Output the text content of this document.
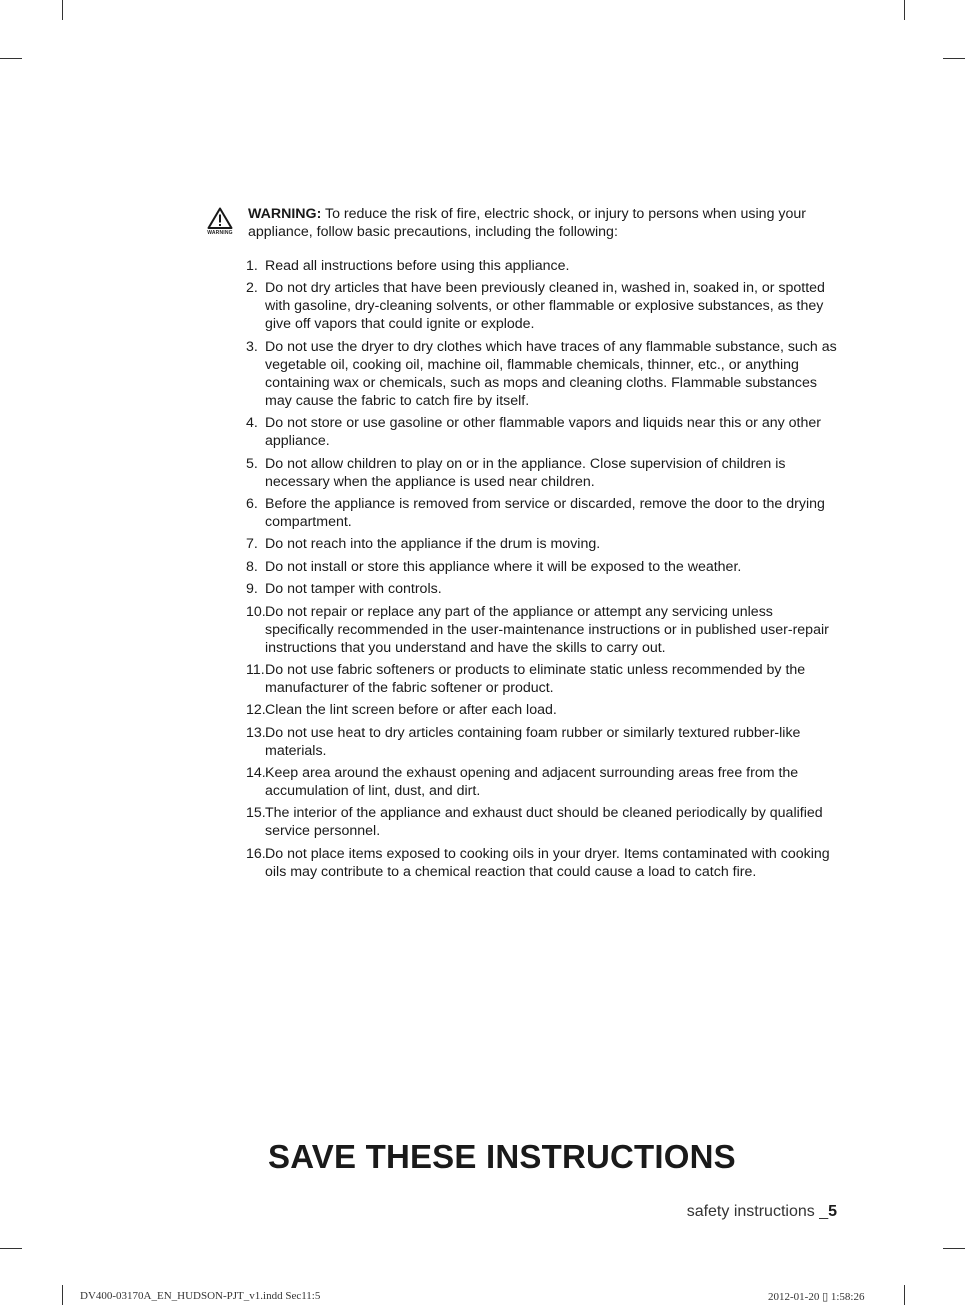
WARNING
WARNING: To reduce the risk of fire, electric shock, or injury to persons when using your appliance, follow basic precautions, including the following:
1. Read all instructions before using this appliance.
2. Do not dry articles that have been previously cleaned in, washed in, soaked in, or spotted with gasoline, dry-cleaning solvents, or other flammable or explosive substances, as they give off vapors that could ignite or explode.
3. Do not use the dryer to dry clothes which have traces of any flammable substance, such as vegetable oil, cooking oil, machine oil, flammable chemicals, thinner, etc., or anything containing wax or chemicals, such as mops and cleaning cloths. Flammable substances may cause the fabric to catch fire by itself.
4. Do not store or use gasoline or other flammable vapors and liquids near this or any other appliance.
5. Do not allow children to play on or in the appliance. Close supervision of children is necessary when the appliance is used near children.
6. Before the appliance is removed from service or discarded, remove the door to the drying compartment.
7. Do not reach into the appliance if the drum is moving.
8. Do not install or store this appliance where it will be exposed to the weather.
9. Do not tamper with controls.
10. Do not repair or replace any part of the appliance or attempt any servicing unless specifically recommended in the user-maintenance instructions or in published user-repair instructions that you understand and have the skills to carry out.
11. Do not use fabric softeners or products to eliminate static unless recommended by the manufacturer of the fabric softener or product.
12. Clean the lint screen before or after each load.
13. Do not use heat to dry articles containing foam rubber or similarly textured rubber-like materials.
14. Keep area around the exhaust opening and adjacent surrounding areas free from the accumulation of lint, dust, and dirt.
15. The interior of the appliance and exhaust duct should be cleaned periodically by qualified service personnel.
16. Do not place items exposed to cooking oils in your dryer. Items contaminated with cooking oils may contribute to a chemical reaction that could cause a load to catch fire.
SAVE THESE INSTRUCTIONS
safety instructions _5
DV400-03170A_EN_HUDSON-PJT_v1.indd Sec11:5	2012-01-20 ▯ 1:58:26
